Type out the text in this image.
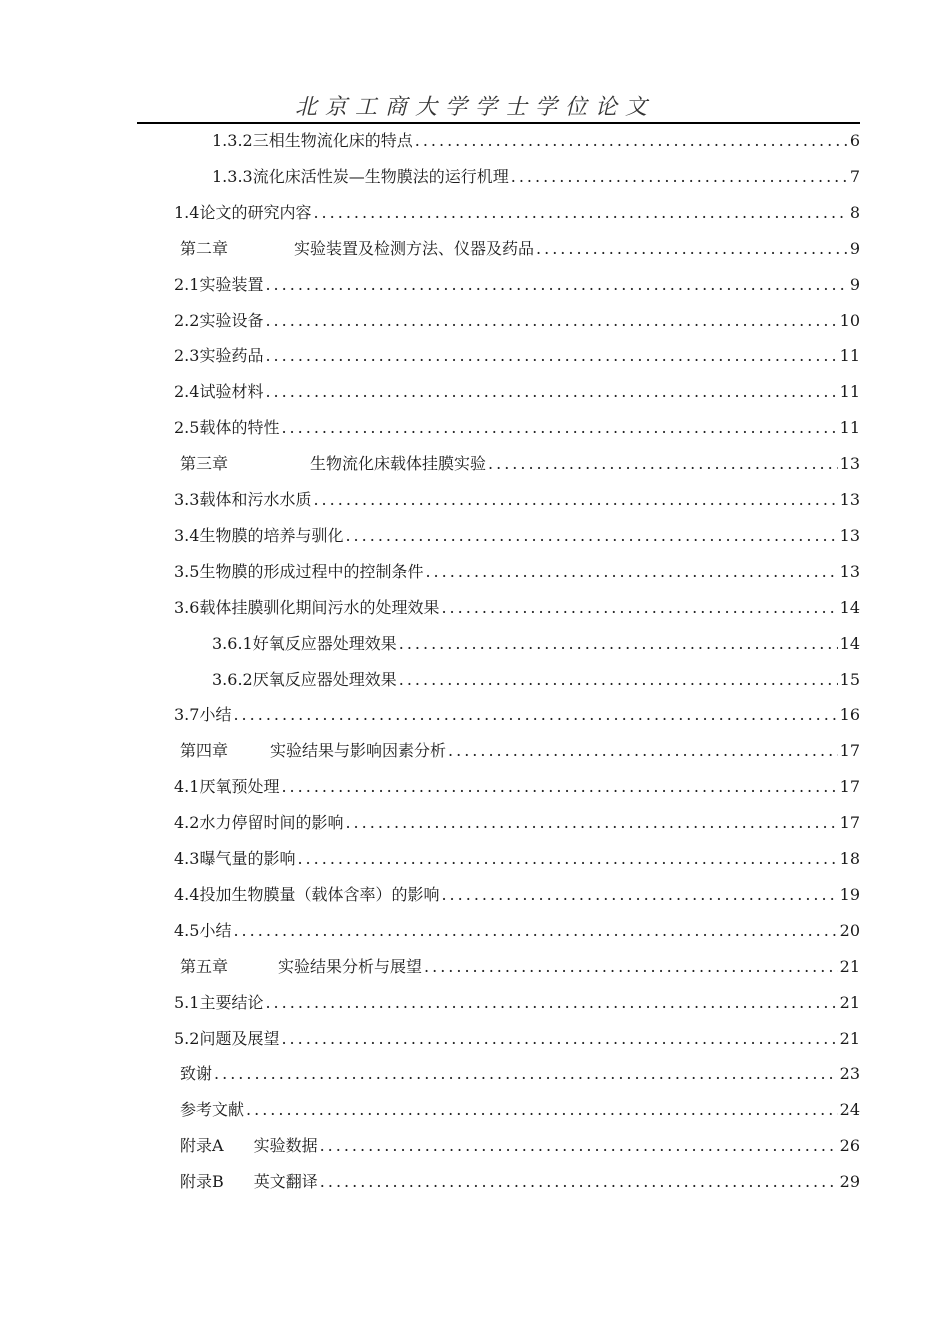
北京工商大学学士学位论文
1.3.2 三相生物流化床的特点 .....	6
1.3.3 流化床活性炭—生物膜法的运行机理 .....	7
1.4 论文的研究内容 .....	8
第二章	实验装置及检测方法、仪器及药品 .....	9
2.1 实验装置 .....	9
2.2 实验设备 .....	10
2.3 实验药品 .....	11
2.4 试验材料 .....	11
2.5 载体的特性 .....	11
第三章	生物流化床载体挂膜实验 .....	13
3.3 载体和污水水质 .....	13
3.4 生物膜的培养与驯化 .....	13
3.5 生物膜的形成过程中的控制条件 .....	13
3.6 载体挂膜驯化期间污水的处理效果 .....	14
3.6.1 好氧反应器处理效果 .....	14
3.6.2 厌氧反应器处理效果 .....	15
3.7 小结 .....	16
第四章	实验结果与影响因素分析 .....	17
4.1 厌氧预处理 .....	17
4.2 水力停留时间的影响 .....	17
4.3 曝气量的影响 .....	18
4.4 投加生物膜量（载体含率）的影响 .....	19
4.5 小结 .....	20
第五章	实验结果分析与展望 .....	21
5.1 主要结论 .....	21
5.2 问题及展望 .....	21
致谢 .....	23
参考文献 .....	24
附录A 实验数据 .....	26
附录B 英文翻译 .....	29
